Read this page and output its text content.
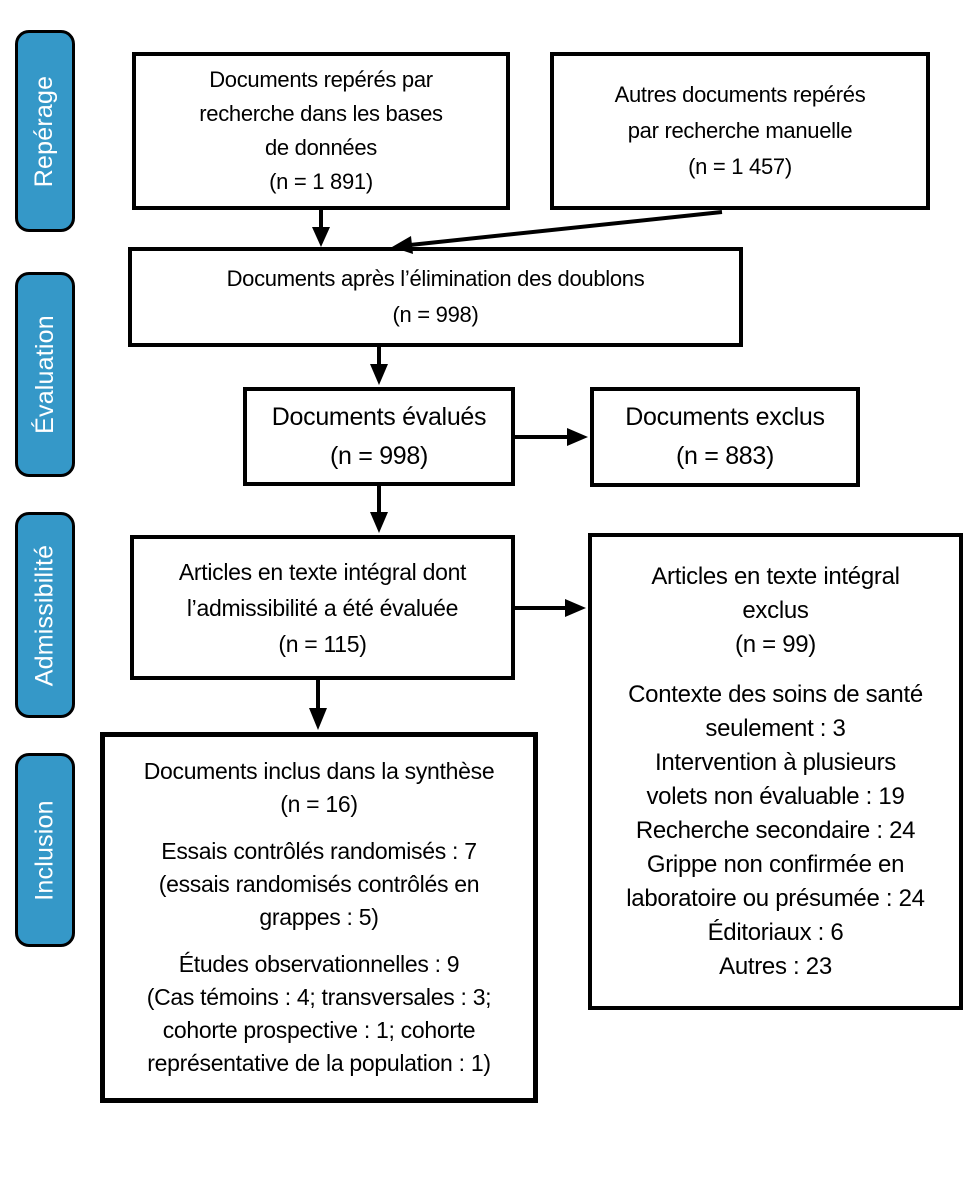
Repérage
Évaluation
Admissibilité
Inclusion
Documents repérés par
recherche dans les bases
de données
(n = 1 891)
Autres documents repérés
par recherche manuelle
(n = 1 457)
Documents après l’élimination des doublons
(n = 998)
Documents évalués
(n = 998)
Documents exclus
(n = 883)
Articles en texte intégral dont
l’admissibilité a été évaluée
(n = 115)
Articles en texte intégral
exclus
(n = 99)
Contexte des soins de santé
seulement : 3
Intervention à plusieurs
volets non évaluable : 19
Recherche secondaire : 24
Grippe non confirmée en
laboratoire ou présumée : 24
Éditoriaux : 6
Autres : 23
Documents inclus dans la synthèse
(n = 16)
Essais contrôlés randomisés : 7
(essais randomisés contrôlés en
grappes : 5)
Études observationnelles : 9
(Cas témoins : 4; transversales : 3;
cohorte prospective : 1; cohorte
représentative de la population : 1)
